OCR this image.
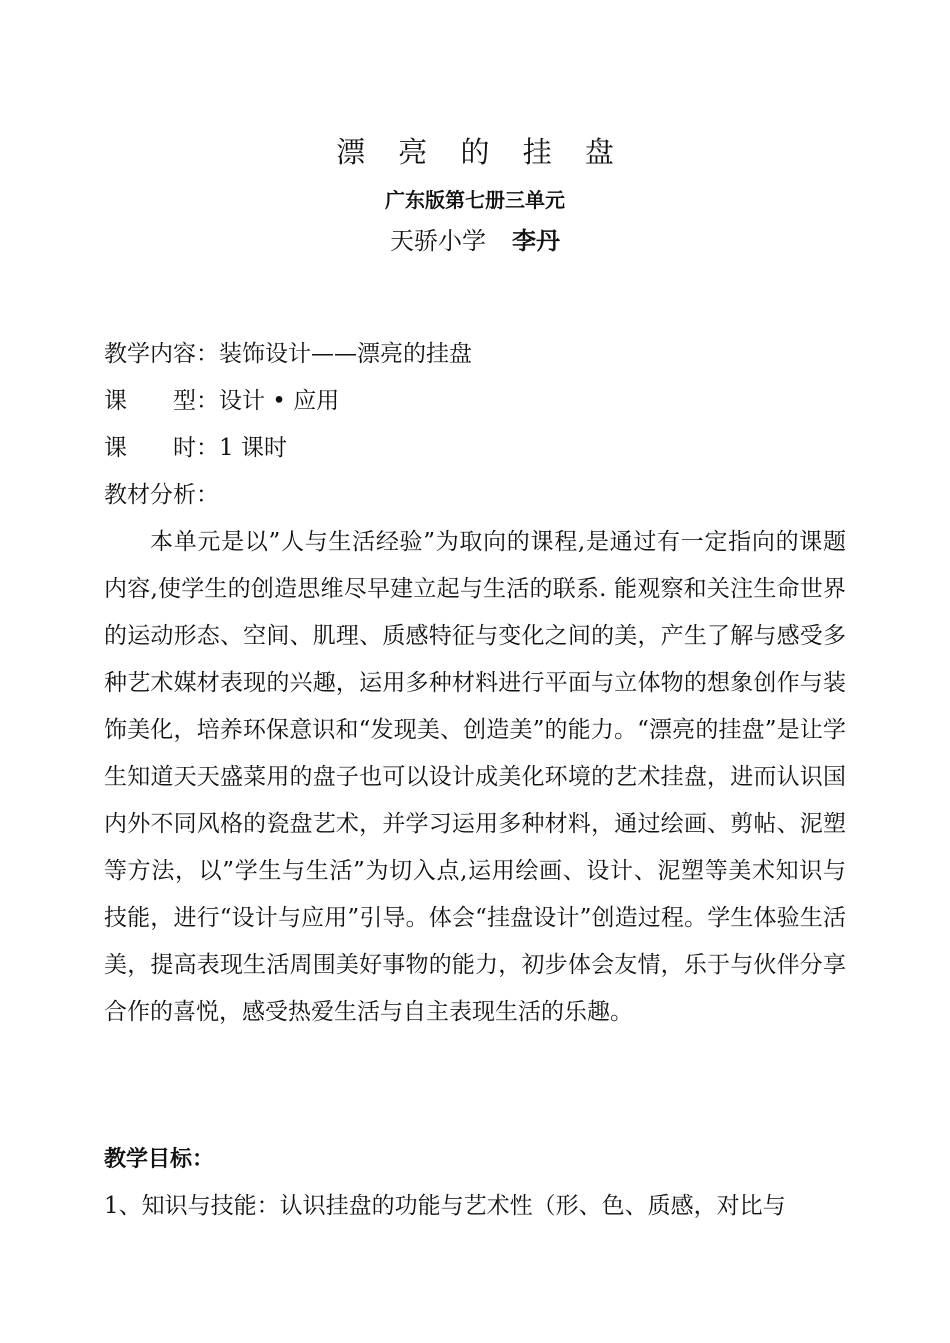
漂 亮 的 挂 盘
广东版第七册三单元
天骄小学 李丹
教学内容：装饰设计——漂亮的挂盘
课　　型：设计 • 应用
课　　时：1 课时
教材分析：
本单元是以”人与生活经验”为取向的课程,是通过有一定指向的课题内容,使学生的创造思维尽早建立起与生活的联系. 能观察和关注生命世界的运动形态、空间、肌理、质感特征与变化之间的美，产生了解与感受多种艺术媒材表现的兴趣，运用多种材料进行平面与立体物的想象创作与装饰美化，培养环保意识和“发现美、创造美”的能力。“漂亮的挂盘”是让学生知道天天盛菜用的盘子也可以设计成美化环境的艺术挂盘，进而认识国内外不同风格的瓷盘艺术，并学习运用多种材料，通过绘画、剪帖、泥塑等方法，以”学生与生活”为切入点,运用绘画、设计、泥塑等美术知识与技能，进行“设计与应用”引导。体会“挂盘设计”创造过程。学生体验生活美，提高表现生活周围美好事物的能力，初步体会友情，乐于与伙伴分享合作的喜悦，感受热爱生活与自主表现生活的乐趣。
教学目标：
1、知识与技能：认识挂盘的功能与艺术性（形、色、质感，对比与
